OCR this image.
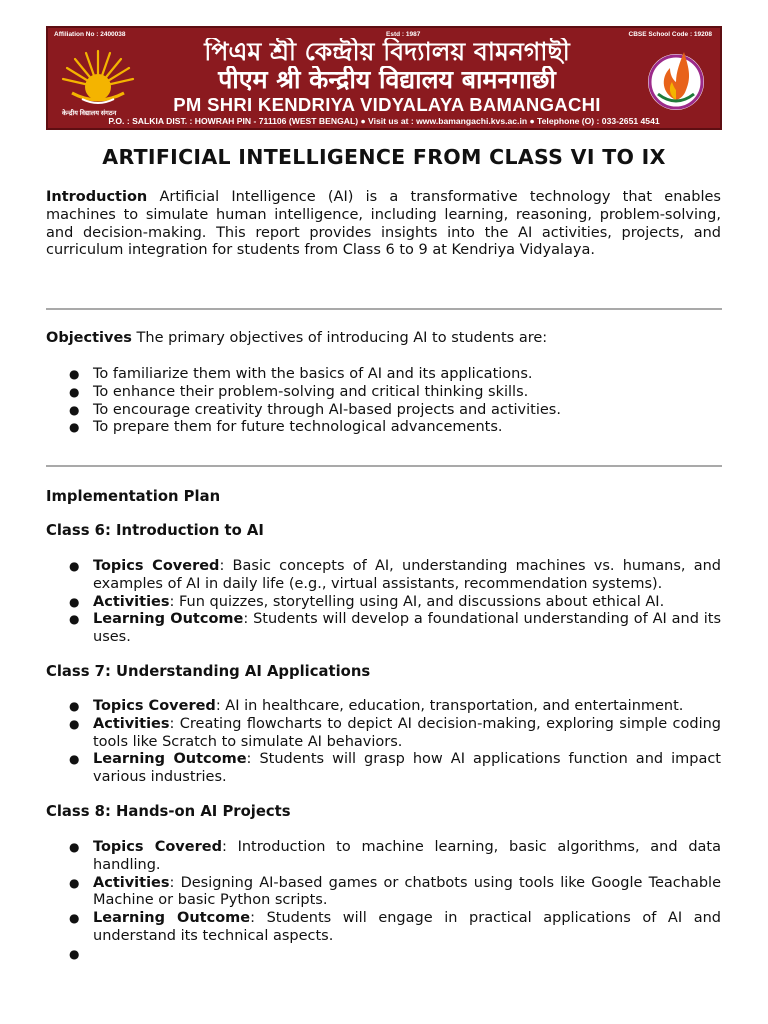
Affiliation No : 2400038	Estd : 1987	CBSE School Code : 19208
केन्द्रीय विद्यालय संगठन
পিএম শ্রী কেন্দ্রীয় বিদ্যালয় বামনগাছী
पीएम श्री केन्द्रीय विद्यालय बामनगाछी
PM SHRI KENDRIYA VIDYALAYA BAMANGACHI
P.O. : SALKIA DIST. : HOWRAH PIN - 711106 (WEST BENGAL) ● Visit us at : www.bamangachi.kvs.ac.in ● Telephone (O) : 033-2651 4541
ARTIFICIAL INTELLIGENCE FROM CLASS VI TO IX
Introduction Artificial Intelligence (AI) is a transformative technology that enables machines to simulate human intelligence, including learning, reasoning, problem-solving, and decision-making. This report provides insights into the AI activities, projects, and curriculum integration for students from Class 6 to 9 at Kendriya Vidyalaya.
Objectives The primary objectives of introducing AI to students are:
● To familiarize them with the basics of AI and its applications.
● To enhance their problem-solving and critical thinking skills.
● To encourage creativity through AI-based projects and activities.
● To prepare them for future technological advancements.
Implementation Plan
Class 6: Introduction to AI
● Topics Covered: Basic concepts of AI, understanding machines vs. humans, and examples of AI in daily life (e.g., virtual assistants, recommendation systems).
● Activities: Fun quizzes, storytelling using AI, and discussions about ethical AI.
● Learning Outcome: Students will develop a foundational understanding of AI and its uses.
Class 7: Understanding AI Applications
● Topics Covered: AI in healthcare, education, transportation, and entertainment.
● Activities: Creating flowcharts to depict AI decision-making, exploring simple coding tools like Scratch to simulate AI behaviors.
● Learning Outcome: Students will grasp how AI applications function and impact various industries.
Class 8: Hands-on AI Projects
● Topics Covered: Introduction to machine learning, basic algorithms, and data handling.
● Activities: Designing AI-based games or chatbots using tools like Google Teachable Machine or basic Python scripts.
● Learning Outcome: Students will engage in practical applications of AI and understand its technical aspects.
●
